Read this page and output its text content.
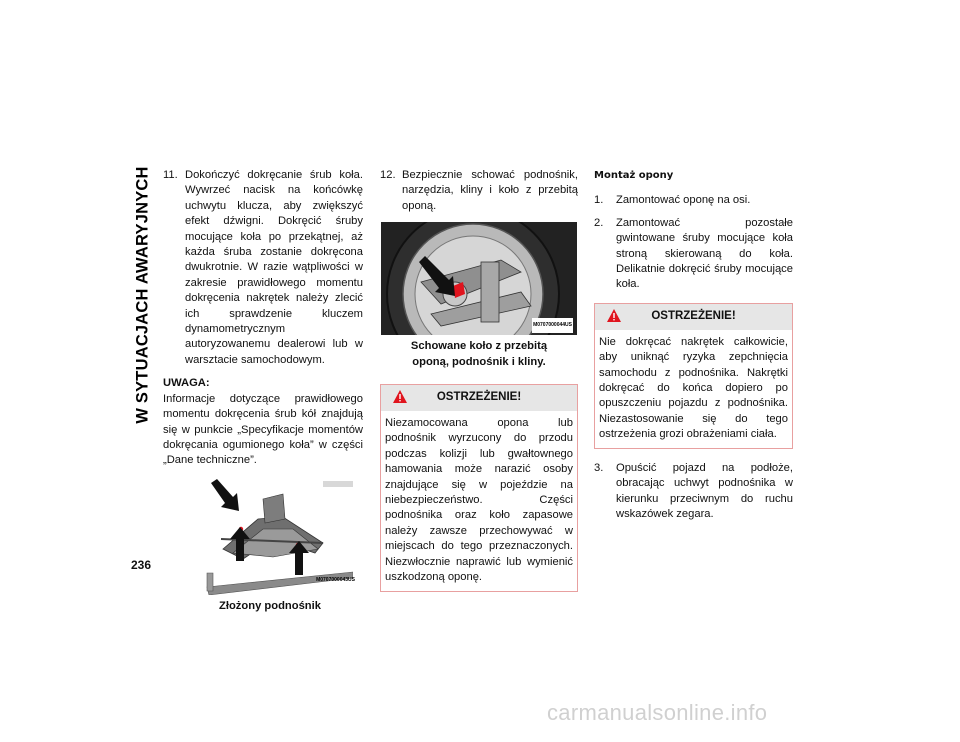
W SYTUACJACH AWARYJNYCH
236
11. Dokończyć dokręcanie śrub koła. Wywrzeć nacisk na końcówkę uchwytu klucza, aby zwiększyć efekt dźwigni. Dokręcić śruby mocujące koła po przekątnej, aż każda śruba zostanie dokręcona dwukrotnie. W razie wątpliwości w zakresie prawidłowego momentu dokręcenia nakrętek należy zlecić ich sprawdzenie kluczem dynamometrycznym autoryzowanemu dealerowi lub w warsztacie samochodowym.
UWAGA:
Informacje dotyczące prawidłowego momentu dokręcenia śrub kół znajdują się w punkcie „Specyfikacje momentów dokręcania ogumionego koła” w części „Dane techniczne”.
M0707000043US
Złożony podnośnik
12. Bezpiecznie schować podnośnik, narzędzia, kliny i koło z przebitą oponą.
M0707000044US
Schowane koło z przebitą oponą, podnośnik i kliny.
OSTRZEŻENIE!
Niezamocowana opona lub podnośnik wyrzucony do przodu podczas kolizji lub gwałtownego hamowania może narazić osoby znajdujące się w pojeździe na niebezpieczeństwo. Części podnośnika oraz koło zapasowe należy zawsze przechowywać w miejscach do tego przeznaczonych. Niezwłocznie naprawić lub wymienić uszkodzoną oponę.
Montaż opony
1. Zamontować oponę na osi.
2. Zamontować pozostałe gwintowane śruby mocujące koła stroną skierowaną do koła. Delikatnie dokręcić śruby mocujące koła.
OSTRZEŻENIE!
Nie dokręcać nakrętek całkowicie, aby uniknąć ryzyka zepchnięcia samochodu z podnośnika. Nakrętki dokręcać do końca dopiero po opuszczeniu pojazdu z podnośnika. Niezastosowanie się do tego ostrzeżenia grozi obrażeniami ciała.
3. Opuścić pojazd na podłoże, obracając uchwyt podnośnika w kierunku przeciwnym do ruchu wskazówek zegara.
carmanualsonline.info
